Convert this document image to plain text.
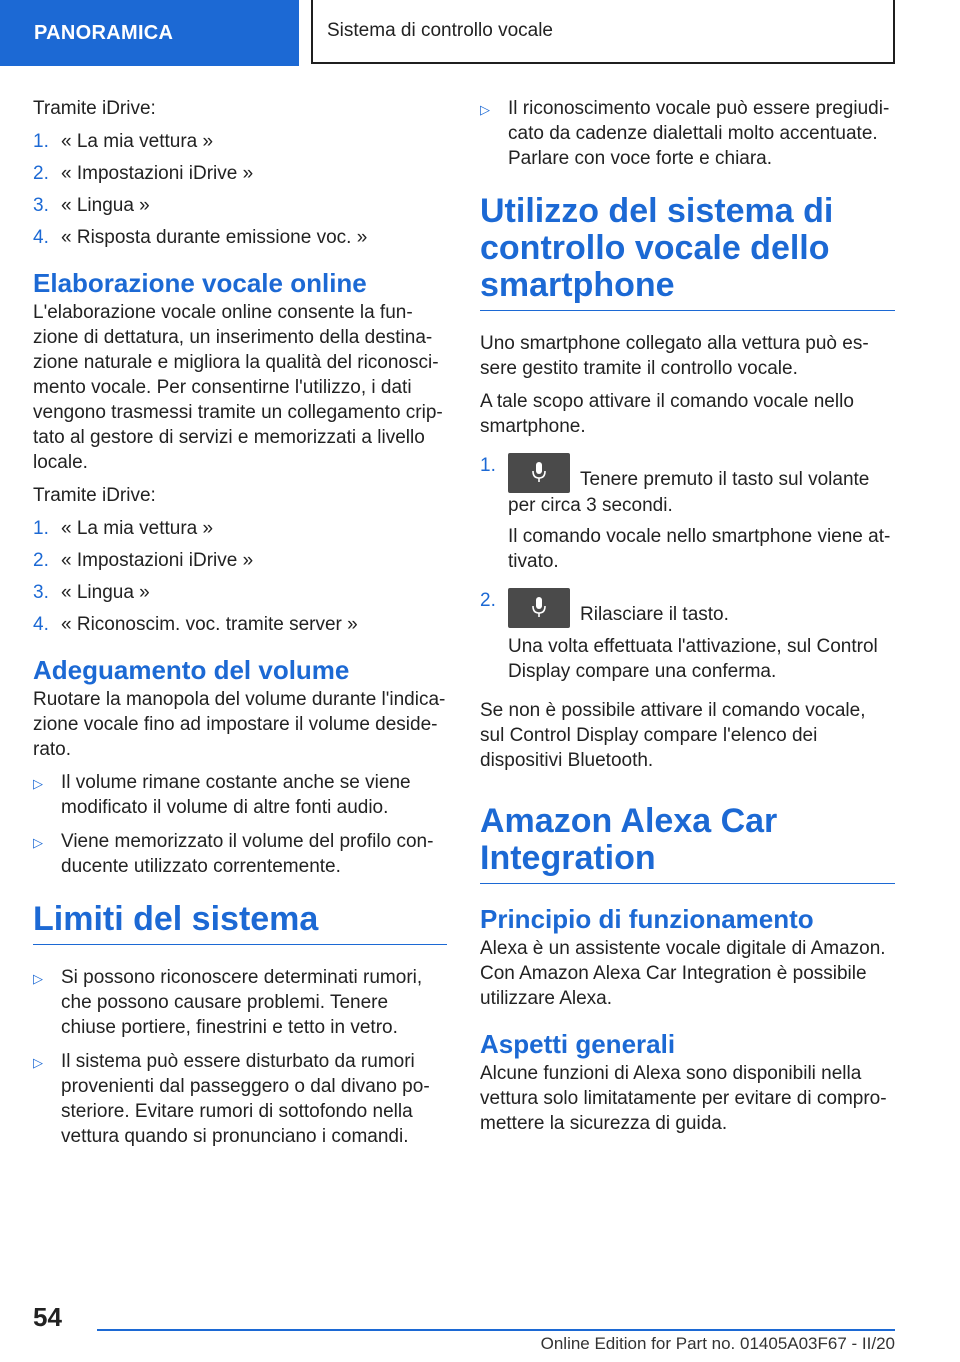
PANORAMICA	Sistema di controllo vocale

Tramite iDrive:

1. « La mia vettura »
2. « Impostazioni iDrive »
3. « Lingua »
4. « Risposta durante emissione voc. »
Elaborazione vocale online

L'elaborazione vocale online consente la funzione di dettatura, un inserimento della destinazione naturale e migliora la qualità del riconoscimento vocale. Per consentirne l'utilizzo, i dati vengono trasmessi tramite un collegamento criptato al gestore di servizi e memorizzati a livello locale.

Tramite iDrive:

1. « La mia vettura »
2. « Impostazioni iDrive »
3. « Lingua »
4. « Riconoscim. voc. tramite server »
Adeguamento del volume

Ruotare la manopola del volume durante l'indicazione vocale fino ad impostare il volume desiderato.

▷ Il volume rimane costante anche se viene modificato il volume di altre fonti audio.
▷ Viene memorizzato il volume del profilo conducente utilizzato correntemente.
Limiti del sistema
▷ Si possono riconoscere determinati rumori, che possono causare problemi. Tenere chiuse portiere, finestrini e tetto in vetro.
▷ Il sistema può essere disturbato da rumori provenienti dal passeggero o dal divano posteriore. Evitare rumori di sottofondo nella vettura quando si pronunciano i comandi.
▷ Il riconoscimento vocale può essere pregiudicato da cadenze dialettali molto accentuate. Parlare con voce forte e chiara.
Utilizzo del sistema di controllo vocale dello smartphone

Uno smartphone collegato alla vettura può essere gestito tramite il controllo vocale.

A tale scopo attivare il comando vocale nello smartphone.

1.

Tenere premuto il tasto sul volante per circa 3 secondi.

Il comando vocale nello smartphone viene attivato.

2.

Rilasciare il tasto.

Una volta effettuata l'attivazione, sul Control Display compare una conferma.

Se non è possibile attivare il comando vocale, sul Control Display compare l'elenco dei dispositivi Bluetooth.

Amazon Alexa Car Integration
Principio di funzionamento

Alexa è un assistente vocale digitale di Amazon. Con Amazon Alexa Car Integration è possibile utilizzare Alexa.

Aspetti generali

Alcune funzioni di Alexa sono disponibili nella vettura solo limitatamente per evitare di compromettere la sicurezza di guida.

54
Online Edition for Part no. 01405A03F67 - II/20
